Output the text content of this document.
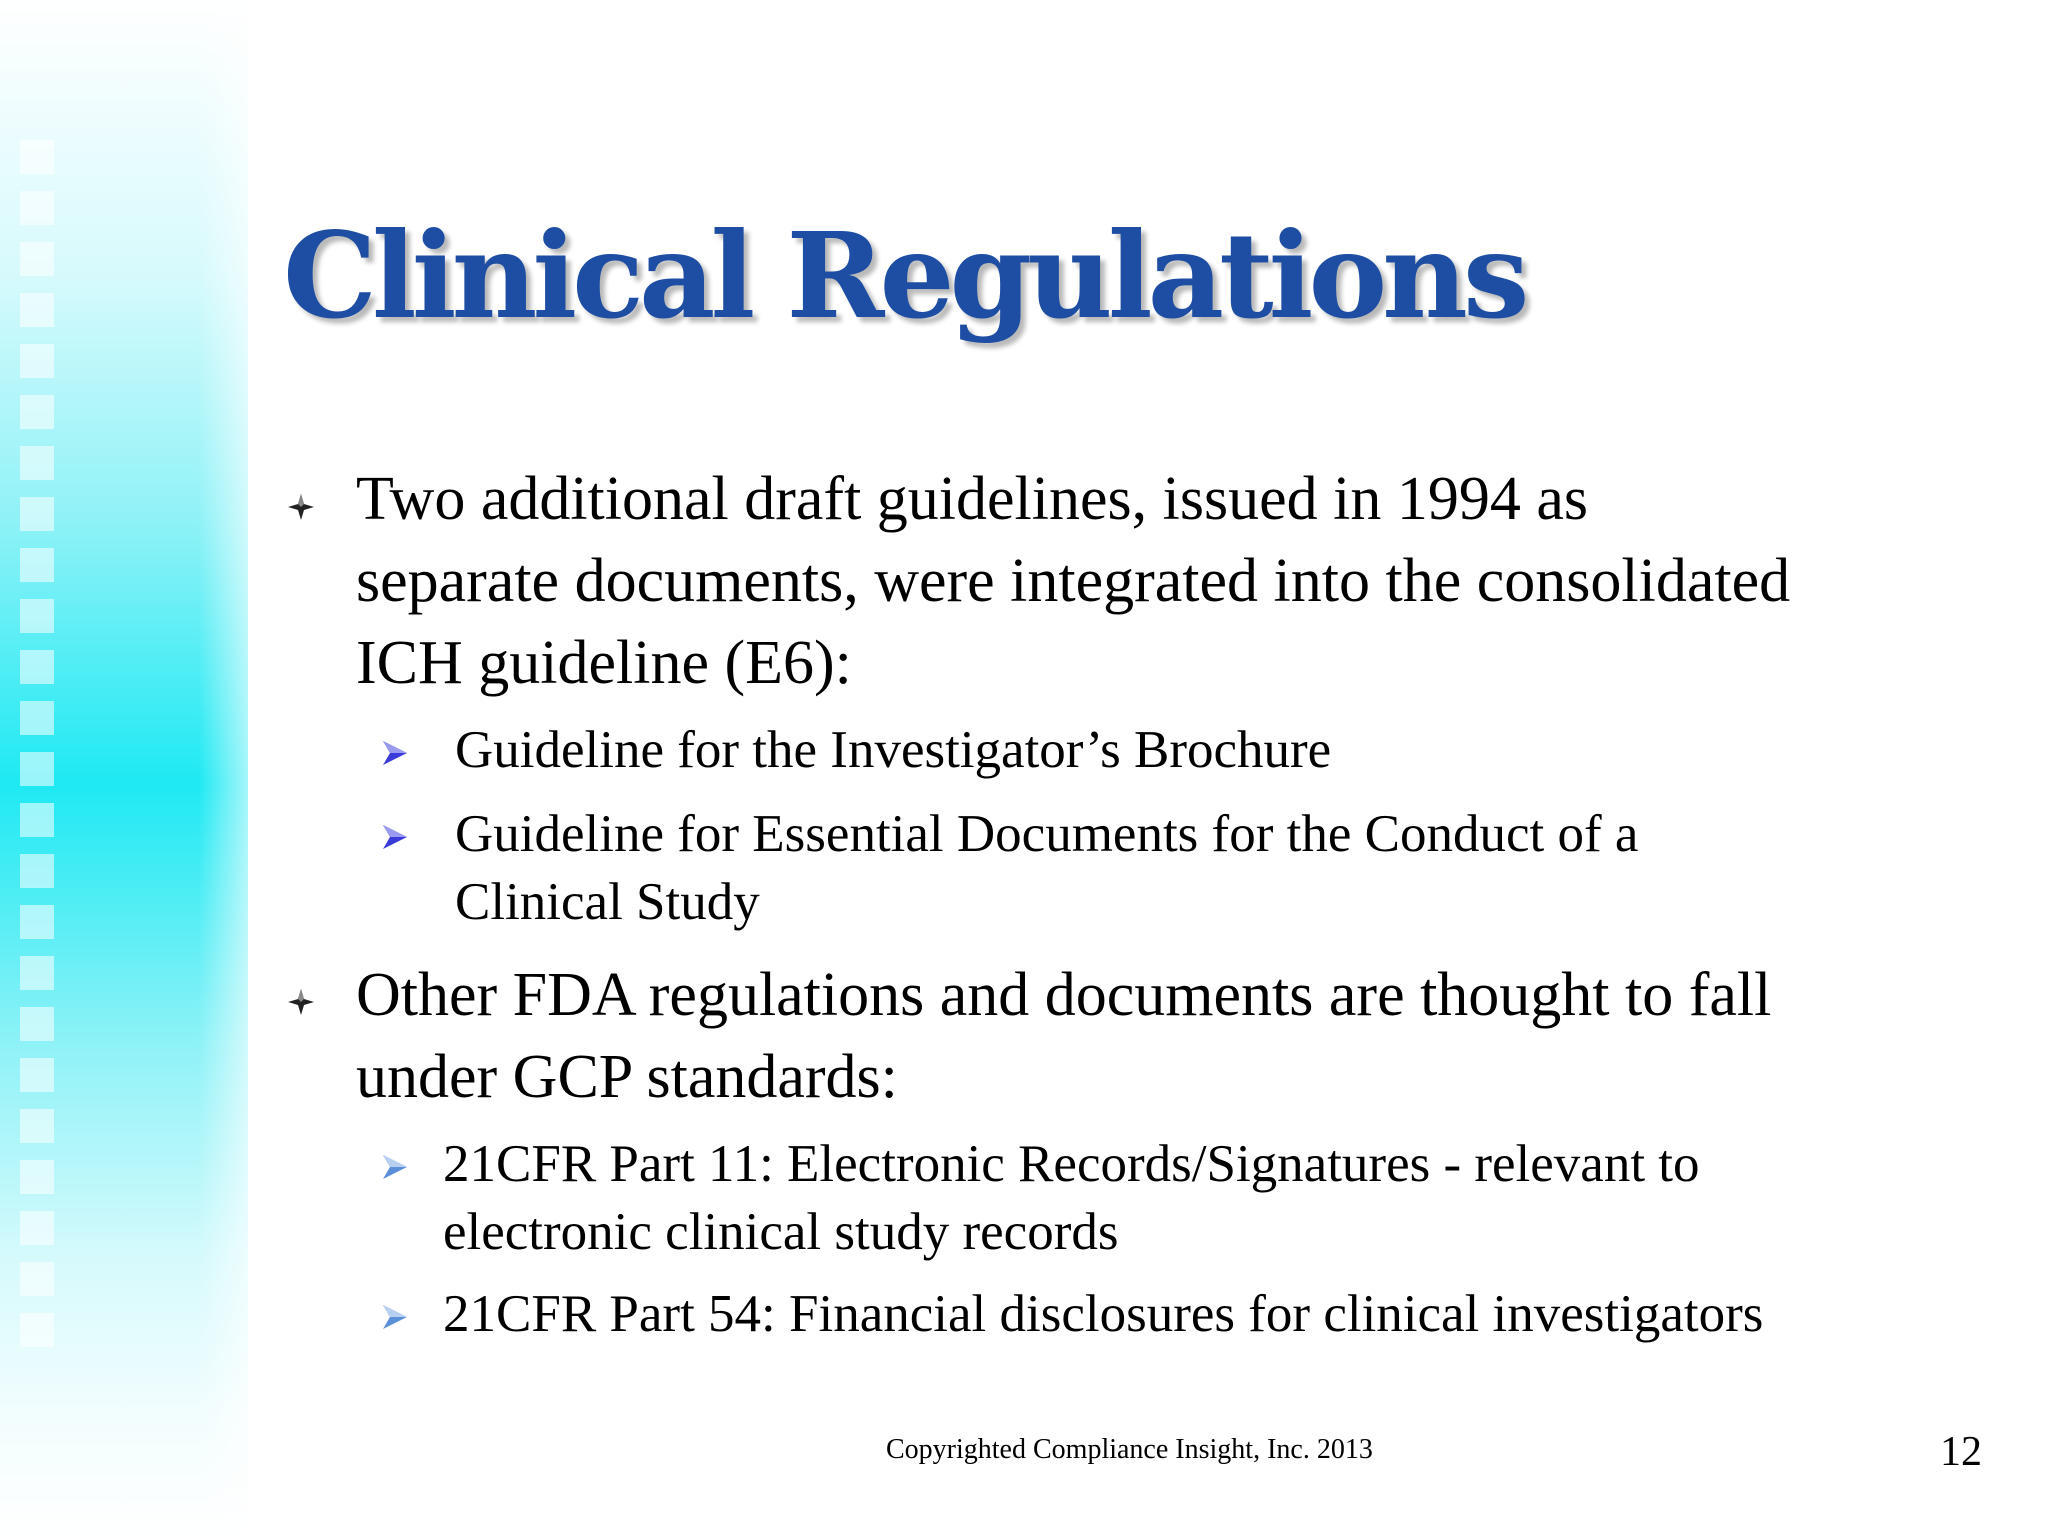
Clinical Regulations
Two additional draft guidelines, issued in 1994 as separate documents, were integrated into the consolidated ICH guideline (E6):
Guideline for the Investigator’s Brochure
Guideline for Essential Documents for the Conduct of a Clinical Study
Other FDA regulations and documents are thought to fall under GCP standards:
21CFR Part 11: Electronic Records/Signatures - relevant to electronic clinical study records
21CFR Part 54: Financial disclosures for clinical investigators
Copyrighted Compliance Insight, Inc. 2013	12
